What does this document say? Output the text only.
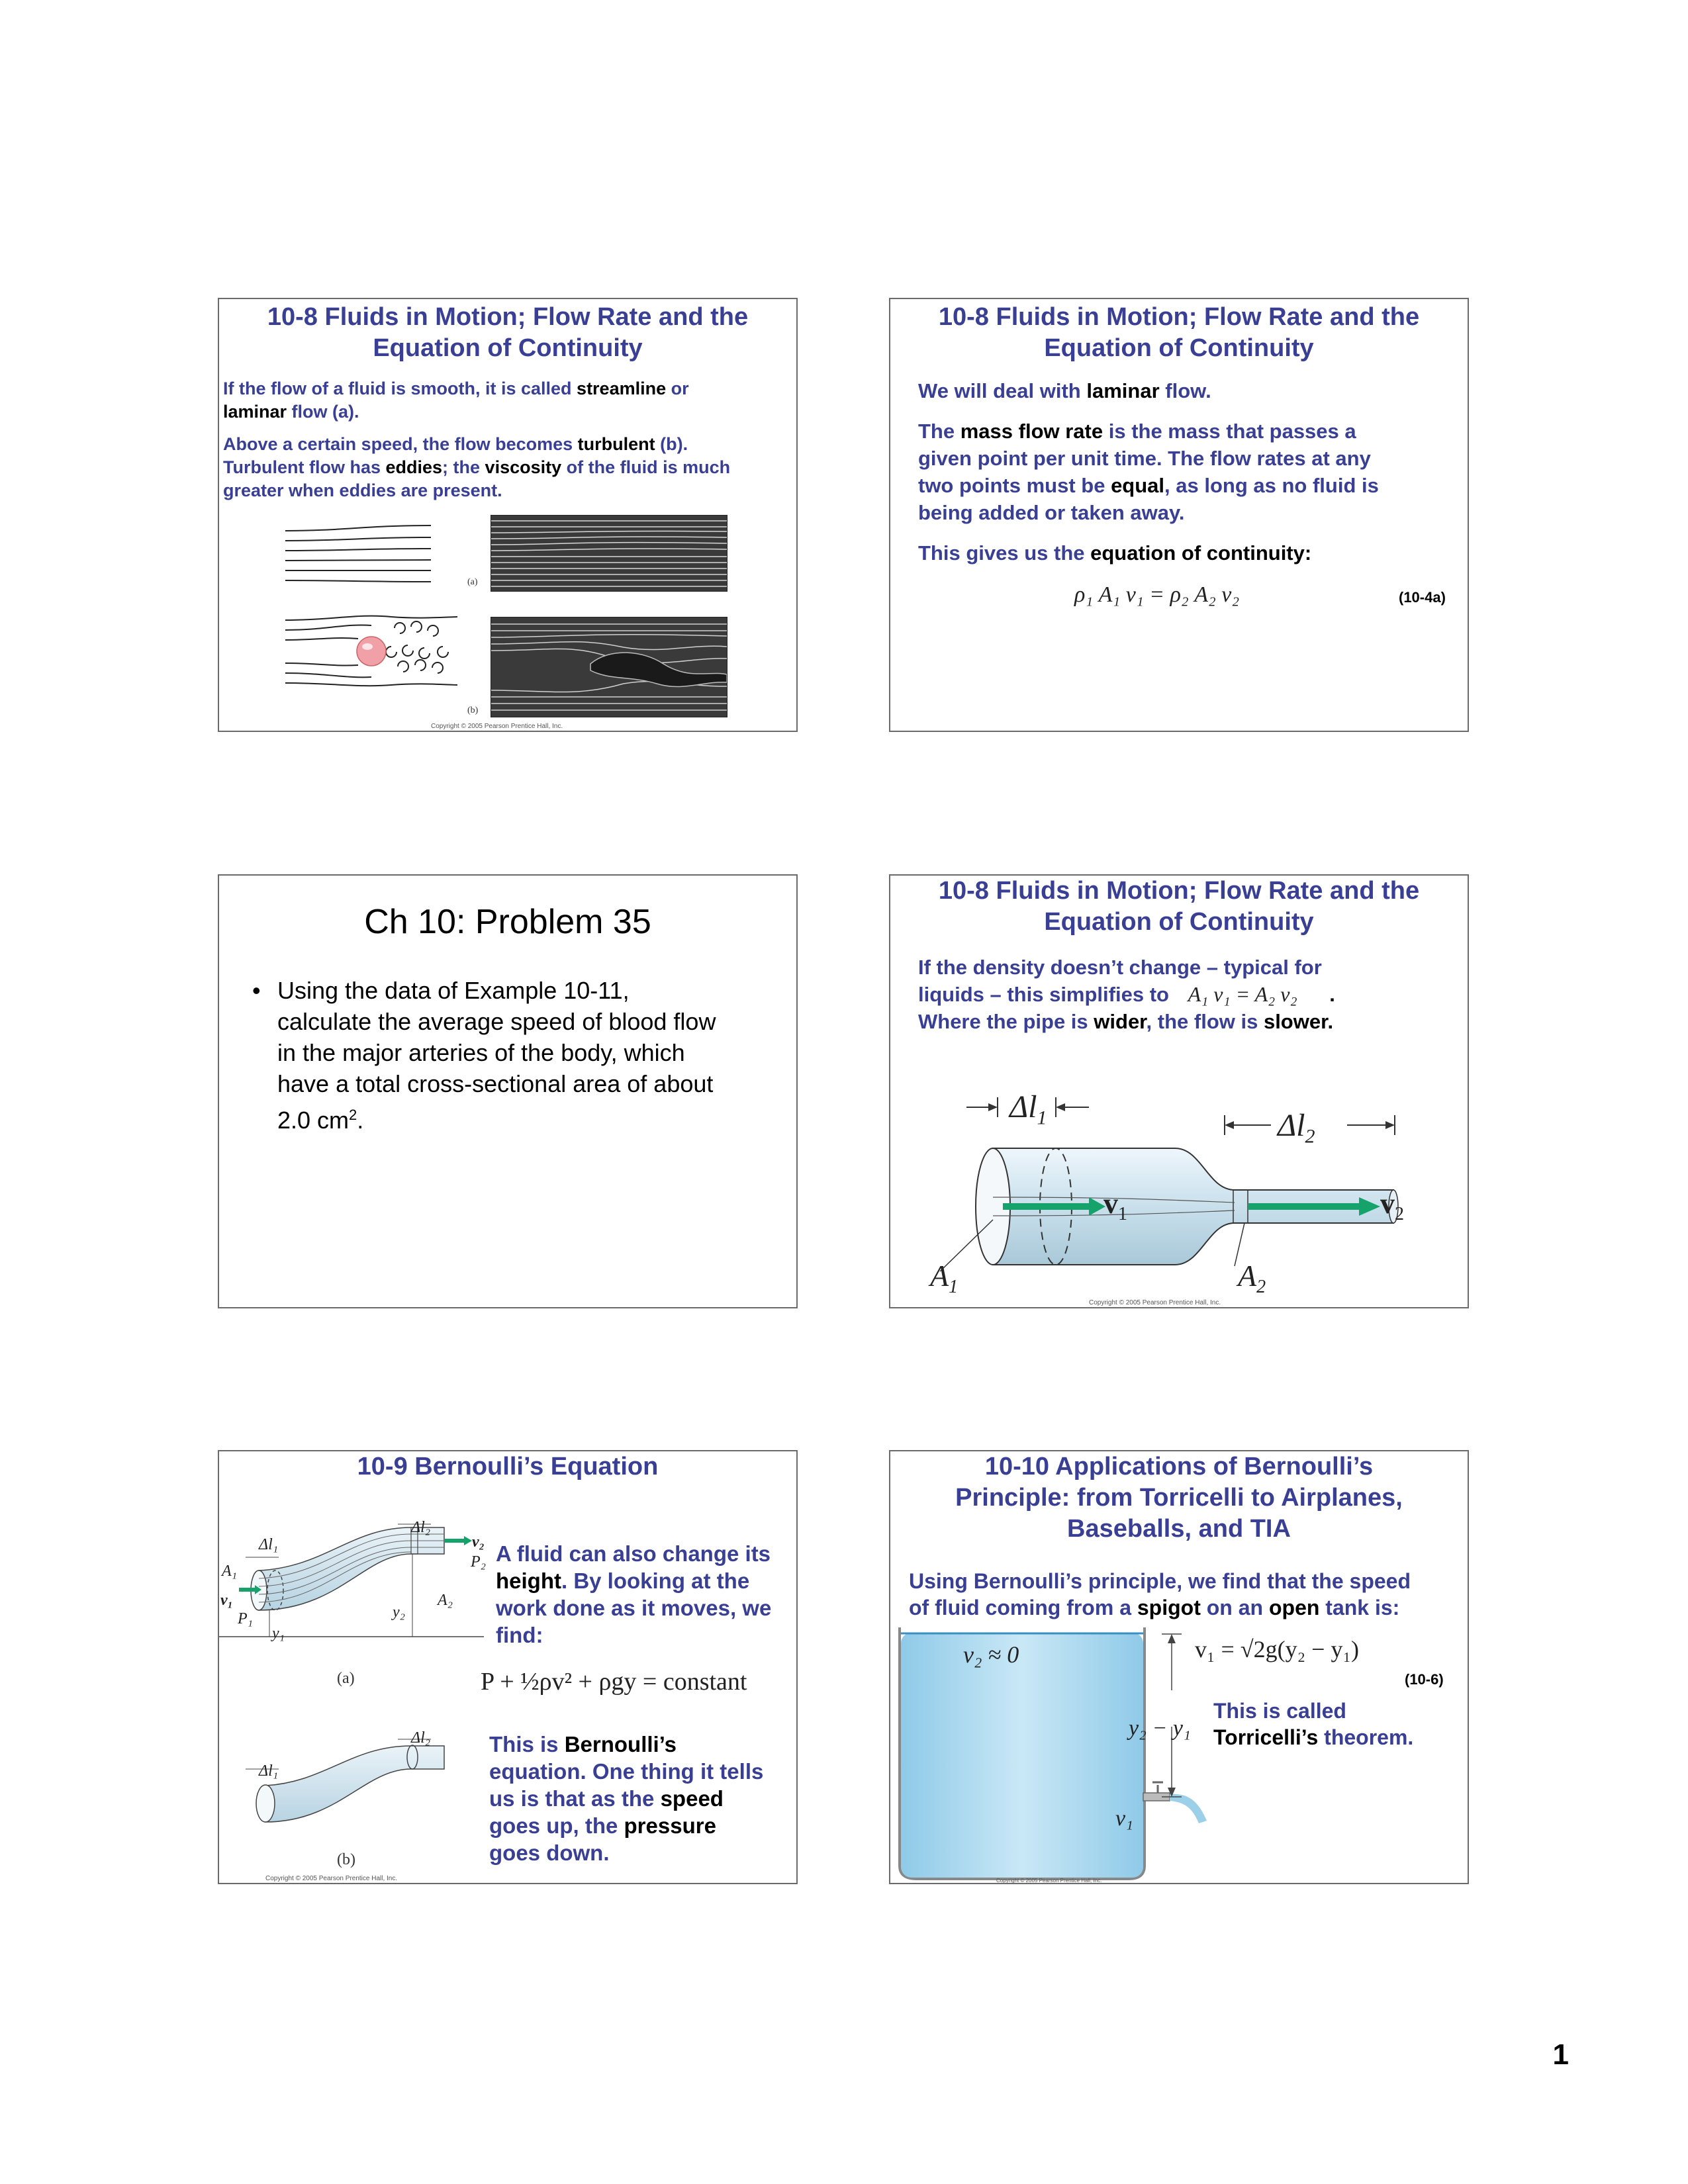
10-8 Fluids in Motion; Flow Rate and the
Equation of Continuity
If the flow of a fluid is smooth, it is called streamline or
laminar flow (a).
Above a certain speed, the flow becomes turbulent (b).
Turbulent flow has eddies; the viscosity of the fluid is much
greater when eddies are present.
(a)
(b)
Copyright © 2005 Pearson Prentice Hall, Inc.
10-8 Fluids in Motion; Flow Rate and the
Equation of Continuity
We will deal with laminar flow.
The mass flow rate is the mass that passes a
given point per unit time. The flow rates at any
two points must be equal, as long as no fluid is
being added or taken away.
This gives us the equation of continuity:
ρ₁ A₁ v₁ = ρ₂ A₂ v₂	(10-4a)
Ch 10: Problem 35
• Using the data of Example 10-11,
calculate the average speed of blood flow
in the major arteries of the body, which
have a total cross-sectional area of about
2.0 $cm^2$.
10-8 Fluids in Motion; Flow Rate and the
Equation of Continuity
If the density doesn’t change – typical for
liquids – this simplifies to A₁ v₁ = A₂ v₂ .
Where the pipe is wider, the flow is slower.
$\Delta l_1$	$\Delta l_2$
$v_1$	$v_2$
$A_1$	$A_2$
Copyright © 2005 Pearson Prentice Hall, Inc.
10-9 Bernoulli’s Equation
Δl₁
Δl₂
A₁
A₂
P₁
P₂
v₁
v₂
y₁
y₂
Δl₁
Δl₂
(a)
(b)
Copyright © 2005 Pearson Prentice Hall, Inc.
A fluid can also change its
height. By looking at the
work done as it moves, we
find:
P + ½ρv² + ρgy = constant
This is Bernoulli’s
equation. One thing it tells
us is that as the speed
goes up, the pressure
goes down.
10-10 Applications of Bernoulli’s
Principle: from Torricelli to Airplanes,
Baseballs, and TIA
Using Bernoulli’s principle, we find that the speed
of fluid coming from a spigot on an open tank is:
v₂ ≈ 0
y₂ − y₁
v₁
v₁ = √2g(y₂ − y₁)
(10-6)
This is called
Torricelli’s theorem.
Copyright © 2005 Pearson Prentice Hall, Inc.
1
